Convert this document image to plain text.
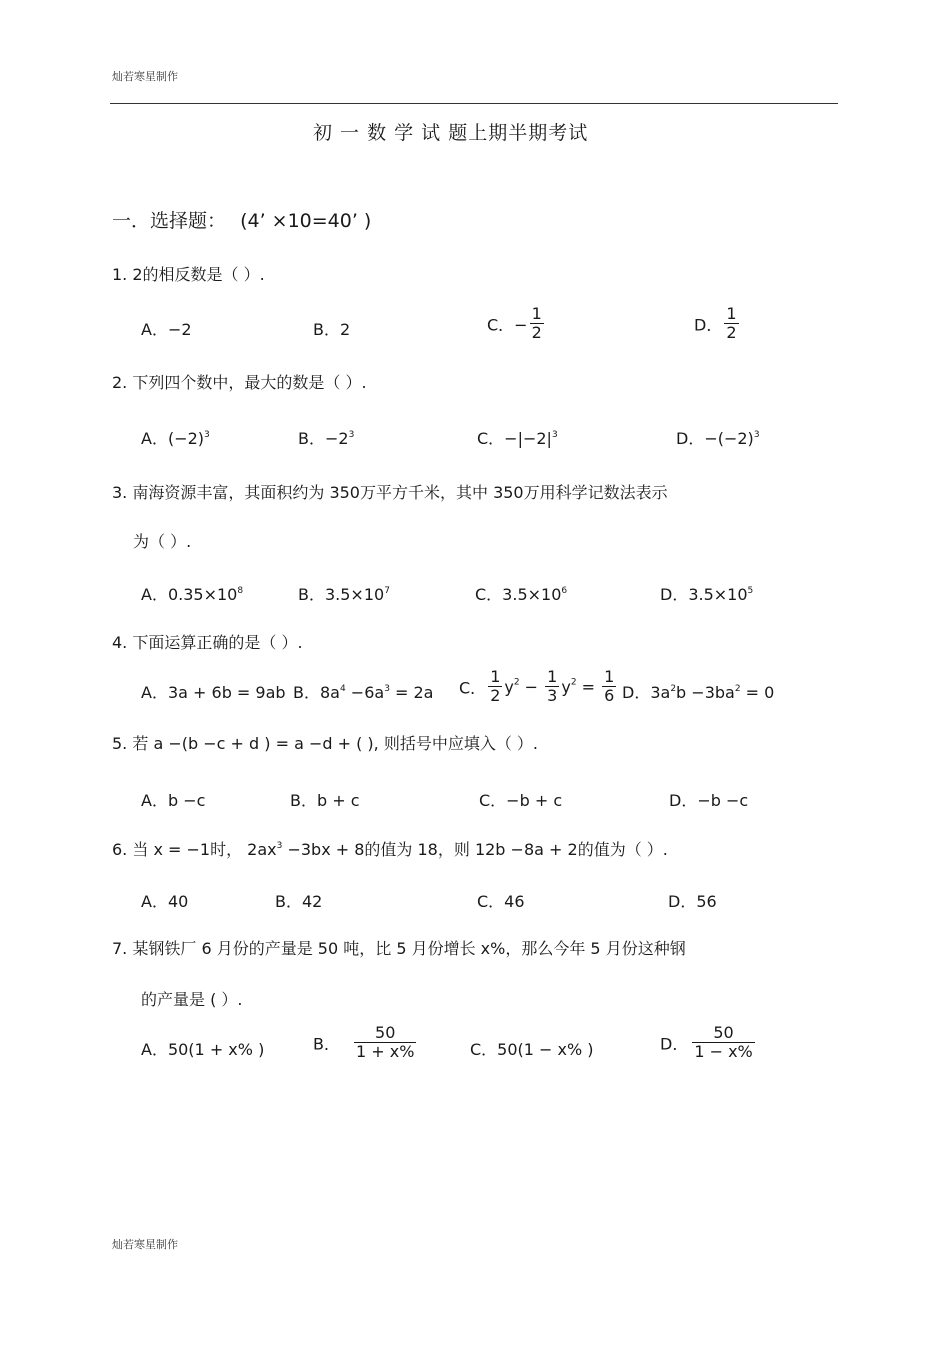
灿若寒星制作
初 一 数 学 试 题上期半期考试
一．选择题： (4’ ×10=40’ )
1. 2的相反数是（ ）.
A．−2	B．2	C．− $\frac{1}{2}$	D． $\frac{1}{2}$
2. 下列四个数中，最大的数是（ ）.
A．$(-2)^3$	B．$-2^3$	C．$-|-2|^3$	D．$-(-2)^3$
3. 南海资源丰富，其面积约为 350万平方千米，其中 350万用科学记数法表示
为（ ）.
A．$0.35\times 10^8$	B．$3.5\times 10^7$	C．$3.5\times 10^6$	D．$3.5\times 10^5$
4. 下面运算正确的是（ ）.
A．3a + 6b = 9ab B．$8a^4 -6a^3 = 2a$ C． $\frac{1}{2} y^2 - \frac{1}{3} y^2 = \frac{1}{6}$ D．$3a^2b -3ba^2 = 0$
5. 若 a −(b −c + d ) = a −d + ( ), 则括号中应填入（ ）.
A．b −c	B．b + c	C．−b + c	D．−b −c
6. 当 x = −1时， $2ax^3 -3bx + 8$的值为 18，则 12b −8a + 2的值为（ ）.
A．40	B．42	C．46	D．56
7. 某钢铁厂 6 月份的产量是 50 吨，比 5 月份增长 x%，那么今年 5 月份这种钢
的产量是 ( ）.
A．50(1 + x% )	B． $\frac{50}{1 + x\%}$	C．50(1 − x% )	D． $\frac{50}{1 - x\%}$
灿若寒星制作
